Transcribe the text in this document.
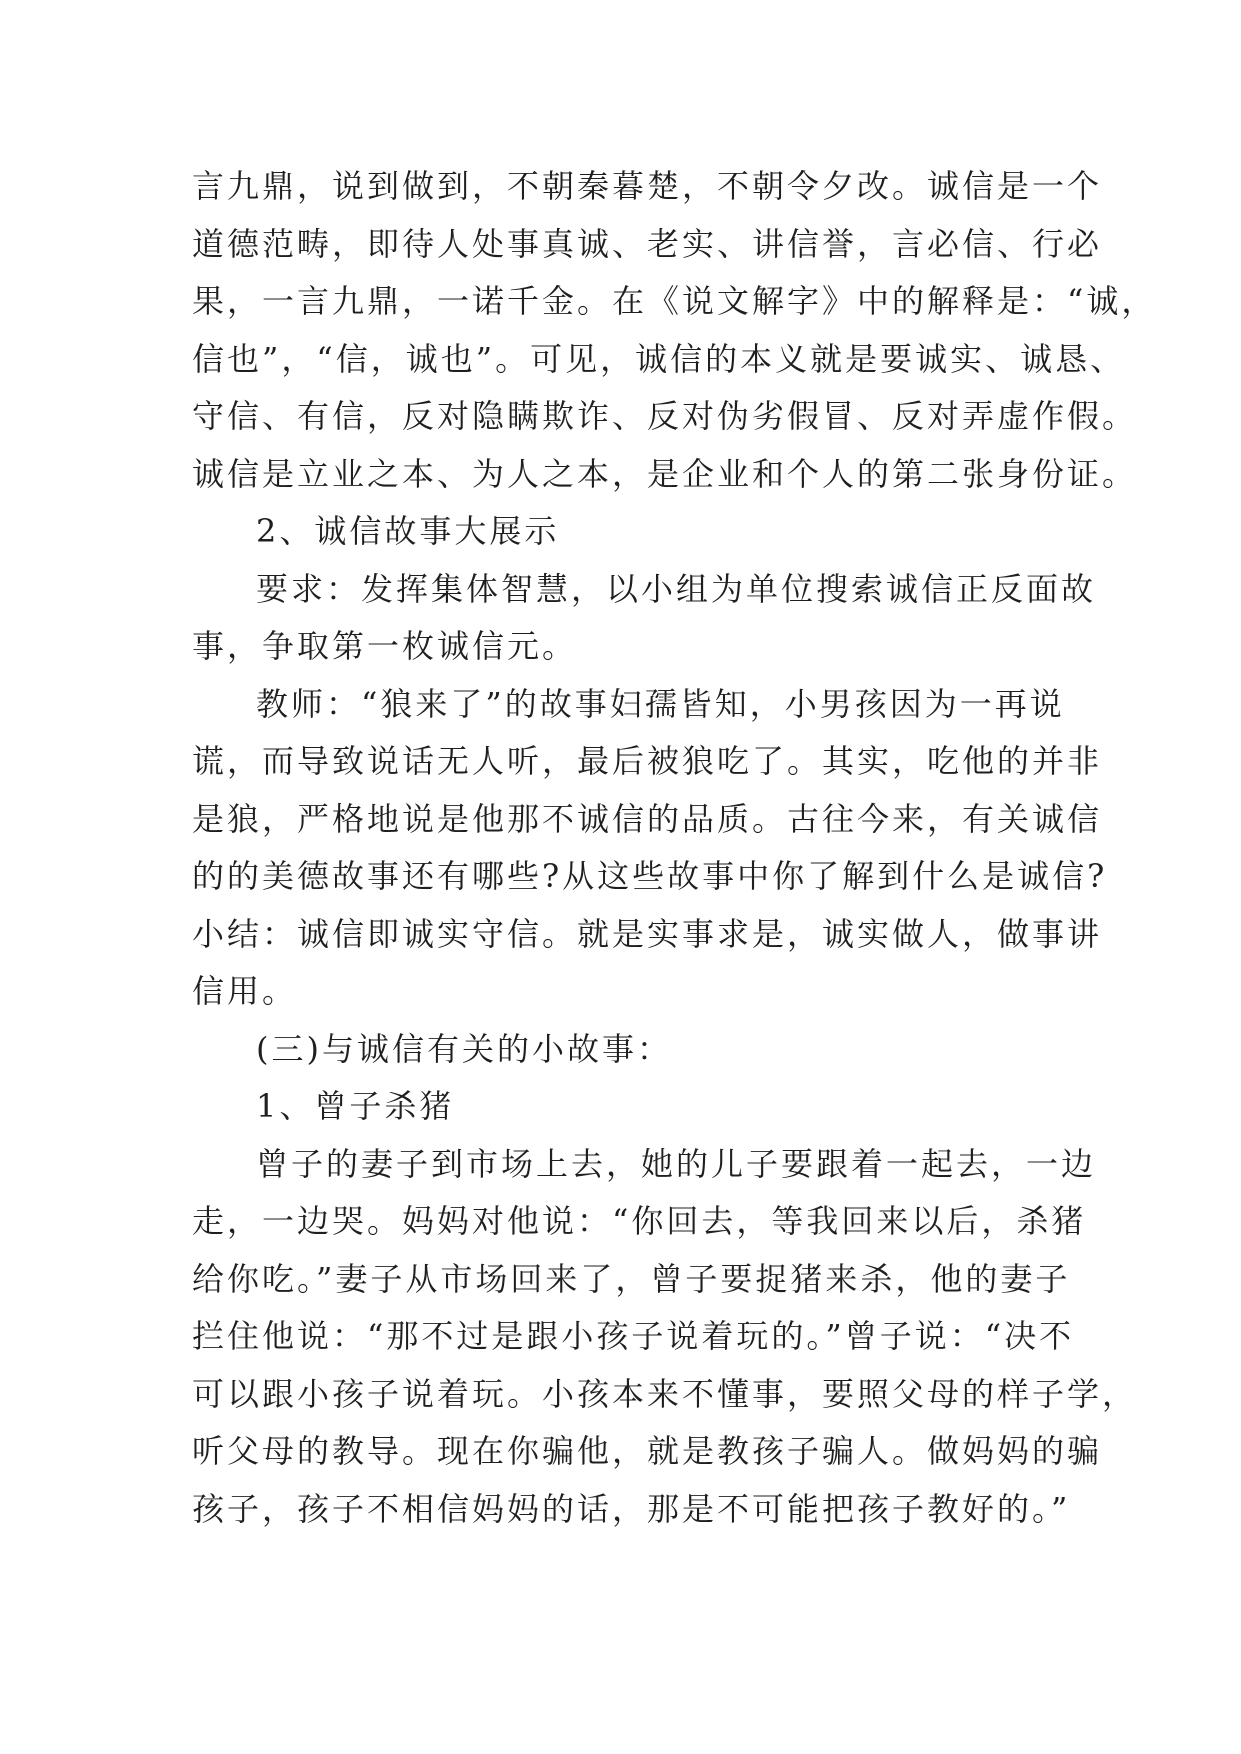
言九鼎，说到做到，不朝秦暮楚，不朝令夕改。诚信是一个
道德范畴，即待人处事真诚、老实、讲信誉，言必信、行必
果，一言九鼎，一诺千金。在《说文解字》中的解释是：“诚，
信也”，“信，诚也”。可见，诚信的本义就是要诚实、诚恳、
守信、有信，反对隐瞒欺诈、反对伪劣假冒、反对弄虚作假。
诚信是立业之本、为人之本，是企业和个人的第二张身份证。
2、诚信故事大展示
要求：发挥集体智慧，以小组为单位搜索诚信正反面故
事，争取第一枚诚信元。
教师：“狼来了”的故事妇孺皆知，小男孩因为一再说
谎，而导致说话无人听，最后被狼吃了。其实，吃他的并非
是狼，严格地说是他那不诚信的品质。古往今来，有关诚信
的的美德故事还有哪些?从这些故事中你了解到什么是诚信?
小结：诚信即诚实守信。就是实事求是，诚实做人，做事讲
信用。
(三)与诚信有关的小故事：
1、曾子杀猪
曾子的妻子到市场上去，她的儿子要跟着一起去，一边
走，一边哭。妈妈对他说：“你回去，等我回来以后，杀猪
给你吃。”妻子从市场回来了，曾子要捉猪来杀，他的妻子
拦住他说：“那不过是跟小孩子说着玩的。”曾子说：“决不
可以跟小孩子说着玩。小孩本来不懂事，要照父母的样子学，
听父母的教导。现在你骗他，就是教孩子骗人。做妈妈的骗
孩子，孩子不相信妈妈的话，那是不可能把孩子教好的。”
